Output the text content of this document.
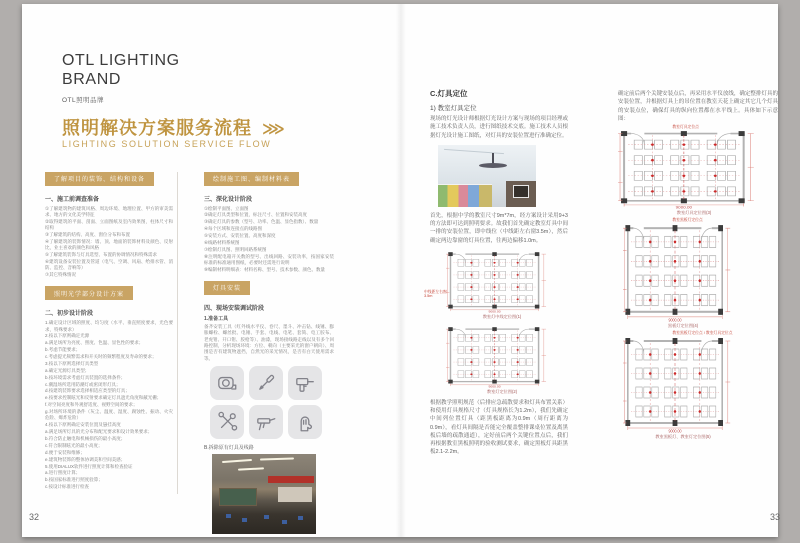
OTL LIGHTING
BRAND
OTL照明品牌
照明解决方案服务流程 ⋙
LIGHTING SOLUTION SERVICE FLOW
了解项目的装饰、结构和设备
一、施工前调查准备
①了解建筑物的建筑风格、周边环境、地理位置、甲方的审美需求、地方的文化美学特征
②取得建筑的平面、剖面、立面图纸及室内效果图，柱体尺寸和结构
③了解建筑的结构、高度、窗位分布和布置
④了解建筑的装饰情况：墙、顶、地面的装饰材料及颜色、反射比，业主喜欢的颜色和风格
⑤了解建筑装饰与灯具选型、布置的协调情况和特殊需求
⑥建筑设备安装位置及管道（电气、空调、风扇、给排水管、消防、监控、音响等）
⑦其它特殊情况
照明光学部分设计方案
二、初步设计阶段
1.确定设计区域的照度、均匀度（水平、垂直照度要求，光色要求，特殊要求）
2.按以下原则确定光源
a.满足场所为亮度、照度、色温、显色性的要求；
b.考虑节能要求；
c.考虑提光频繁需求和开关时的频繁程度及寿命的要求；
3.按以下原则选择灯具类型
a.确定光源灯具类型；
b.按环境需求考虑灯具装置的选择条件；
c.潮湿场所选用防潮灯或密闭形灯具；
d.按建筑装饰要求选择相适应类型的灯具；
e.按要求控制眩光和反射要求确定灯具遮光角度和蔽光栅；
f.对空间亮度和外观舒适度、视野空间的要求；
g.对场所环境的条件（灰尘、温度、湿度、腐蚀性、振动、火灾危险、爆炸危险）
4.按以下原则确定安装位置及悬挂高度
a.满足场所灯具的光分布和配光要求和设计效果要求；
b.符合防止触电和机械损伤的最小高度；
c.符合限制眩光的最小高度；
d.便于安装和维修；
e.建筑物装饰的整体协调美和空间美感；
5.使用DIALUX软件进行照度计算和检查验证
a.进行照度计算；
b.按国家标准进行照度验算；
c.按设计标准进行检查
绘制施工图、编制材料表
三、深化设计阶段
①绘制平面图、立面图
②确定灯具类型和位置，标注尺寸、位置和安装高度
③确定灯具的参数（型号、功率、色温、显色指数）、数量
④每个区域和连接点的线路图
⑤安装方式、安装位置、高度和深度
⑥线路材料系统图
⑦绘制灯具图、照明回路系统图
⑧注明配电箱开关数的型号、出线回路、安装功率，按国家安装标准的标准通用图纸，必要时还需进行说明
⑨编制材料明细表：材料名称、型号、技术参数、颜色、数量
灯具安装
四、现场安装调试阶段
1.准备工具

备齐安装工具（红外线水平仪、卷尺、墨斗、冲击钻、线锤、膨胀螺栓、螺丝批、电锤、手套、电线、电笔、套筒、电工胶布、老虎钳、开口钳、胶枪等）、油漆，现场接线路走线以及有多个回路控制，分析现场环境：方位、朝向（主要采光的窗户朝向）、周围是否有建筑物遮挡，自然光的采光情况，是否有白天使用需求等。

B.拆除原有灯具及线路
32
C.灯具定位
1) 教室灯具定位

现场的灯光设计师根据灯光设计方案与现场的项目经理或施工技术负责人员，进行图纸技术交底。施工技术人员根据灯光设计施工图纸，对灯具的安装位置进行准确定位。

首先，根据中学的教室尺寸9m*7m，经方案设计采用9+3的方法即可达到照明要求。故我们首先确定教室灯具中间一排的安装位置，即中线位（中线距左右窗3.5m），然后确定两边靠窗的灯具位置，往两边偏移1.0m。

中线距左右窗3.5m
9000.00
教室灯中线定位图(1)
9000.00
教室灯定位图(2)

根据教学照明规范（后排应急疏散要求和灯具布置关系）和使用灯具规格尺寸（灯具规格长为1.2m），我们先确定中间列位置灯具（距黑板距离为0.9m（周行距离为0.9m），看灯具间隔是否能完全覆盖整排课桌位置及离黑板后墙的疏散通道），定好前后两个关键位置点后，我们再根据教室黑板照明的验收测试要求，确定黑板灯具距黑板2.1-2.2m。

确定前后两个关键安装点后，再采用水平仪放线，确定整排灯具的安装位置，并根据灯具上的吊位置在教室天花上确定其它几个灯具的安装点位，确保灯具的纵向位置都在水平线上。具体如下示意图：

教室灯具定位点
9000.00
教室灯具定位图(3)
教室黑板灯定位点
9000.00
黑板灯定位图(4)
教室黑板灯定位点 / 教室灯具定位点
9000.00
教室黑板灯、教室灯定位图(5)
33
